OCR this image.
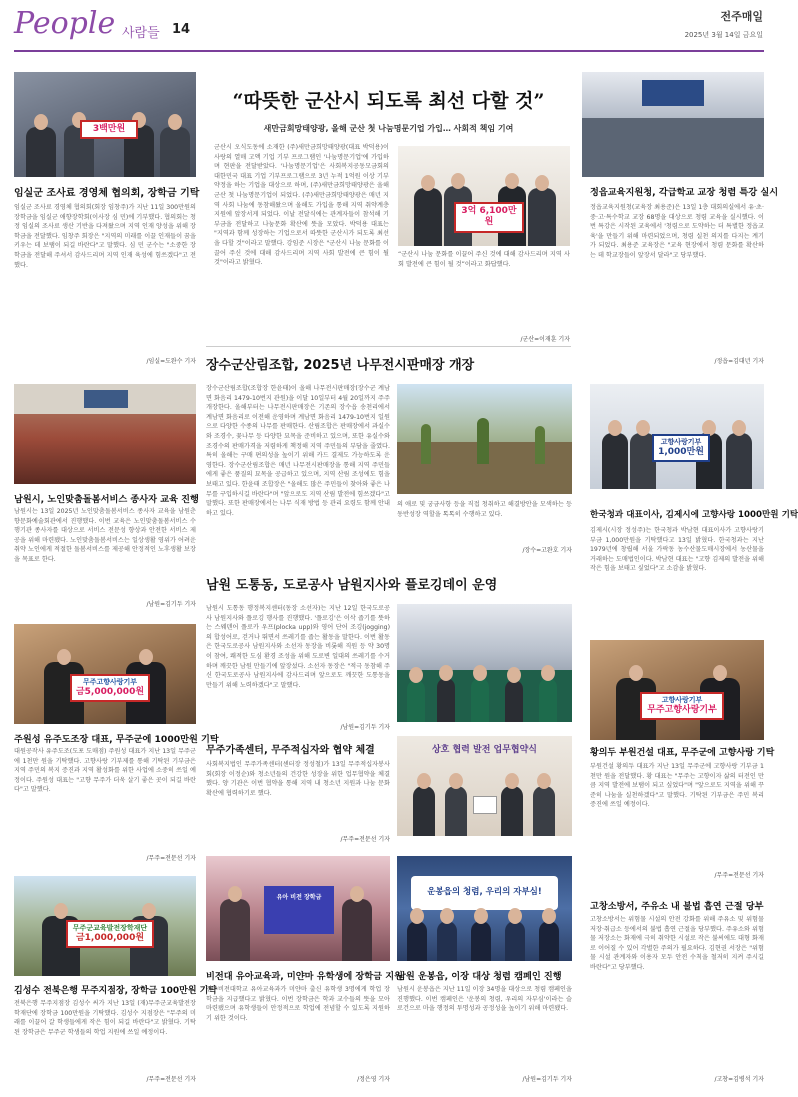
People 사람들 14
전주매일
2025년 3월 14일 금요일
3백만원
임실군 조사료 경영체 협의회, 장학금 기탁
임실군 조사료 경영체 협의회(회장 임창주)가 지난 11일 300만원의 장학금을 임실군 애향장학회(이사장 심 민)에 기부했다. 협의회는 청정 임실의 조사료 생산 기반을 다져왔으며 지역 인재 양성을 위해 장학금을 전달했다. 임창주 회장은 "지역의 미래를 이끌 인재들이 꿈을 키우는 데 보탬이 되길 바란다"고 말했다. 심 민 군수는 "소중한 장학금을 전달해 주셔서 감사드리며 지역 인재 육성에 힘쓰겠다"고 전했다.
/임실=도완수 기자
남원시, 노인맞춤돌봄서비스 종사자 교육 진행
남원시는 13일 2025년 노인맞춤돌봄서비스 종사자 교육을 남원춘향문화예술회관에서 진행했다. 이번 교육은 노인맞춤돌봄서비스 수행기관 종사자를 대상으로 서비스 전문성 향상과 안전한 서비스 제공을 위해 마련됐다. 노인맞춤돌봄서비스는 일상생활 영위가 어려운 취약 노인에게 적절한 돌봄서비스를 제공해 안정적인 노후생활 보장을 목표로 한다.
/남원=김기두 기자
무주고향사랑기부
금5,000,000원
주원성 유주도조장 대표, 무주군에 1000만원 기탁
대원공작사 유주도조(도포 도매점) 주원성 대표가 지난 13일 무주군에 1천만 원을 기탁했다. 고향사랑 기부제를 통해 기탁된 기부금은 지역 주민의 복지 증진과 지역 활성화를 위한 사업에 소중히 쓰일 예정이다. 주원성 대표는 "고향 무주가 더욱 살기 좋은 곳이 되길 바란다"고 말했다.
/무주=전문선 기자
무주군교육발전장학재단
금1,000,000원
김성수 전북은행 무주지점장, 장학금 100만원 기탁
전북은행 무주지점장 김성수 씨가 지난 13일 (재)무주군교육발전장학재단에 장학금 100만원을 기탁했다. 김성수 지점장은 "무주의 미래를 이끌어 갈 학생들에게 작은 힘이 되길 바란다"고 밝혔다. 기탁된 장학금은 무주군 학생들의 학업 지원에 쓰일 예정이다.
/무주=전문선 기자
“따뜻한 군산시 되도록 최선 다할 것”
새만금회망태양광, 올해 군산 첫 나눔명문기업 가입… 사회적 책임 기여
군산시 오식도동에 소재한 (주)새만금희망태양광(대표 박덕용)이 사랑의 열매 고액 기업 기부 프로그램인 '나눔명문기업'에 가입하며 현판을 전달받았다. '나눔명문기업'은 사회복지공동모금회의 대한민국 대표 기업 기부프로그램으로 3년 누적 1억원 이상 기부 약정을 하는 기업을 대상으로 하며, (주)새만금희망태양광은 올해 군산 첫 나눔명문기업이 되었다. (주)새만금희망태양광은 매년 지역 사회 나눔에 동참해왔으며 올해도 가입을 통해 지역 취약계층 지원에 앞장서게 되었다. 이날 전달식에는 관계자들이 참석해 기부금을 전달하고 나눔문화 확산에 뜻을 모았다. 박덕용 대표는 "지역과 함께 성장하는 기업으로서 따뜻한 군산시가 되도록 최선을 다할 것"이라고 말했다. 강임준 시장은 "군산시 나눔 문화를 이끌어 주신 것에 대해 감사드리며 지역 사회 발전에 큰 힘이 될 것"이라고 밝혔다.
3억 6,100만원
“군산시 나눔 문화를 이끌어 주신 것에 대해 감사드리며 지역 사회 발전에 큰 힘이 될 것”이라고 화답했다.
/군산=이재훈 기자
장수군산림조합, 2025년 나무전시판매장 개장
장수군산림조합(조합장 한윤태)이 올해 나무전시판매장(장수군 계남면 화음리 1479-10번지 관원)을 이달 10일부터 4월 20일까지 주주 개장한다. 올해부터는 나무전시판매장은 기존의 장수읍 송천리에서 계남면 화음리로 이전해 운영하며 계남면 화음리 1479-10번지 일원으로 다양한 수종의 나무를 판매한다. 산림조합은 판매장에서 과실수와 조경수, 꽃나무 등 다양한 묘목을 준비하고 있으며, 또한 유실수와 조경수의 판매가격을 저렴하게 책정해 지역 주민들의 부담을 줄였다. 특히 올해는 구매 편의성을 높이기 위해 카드 결제도 가능하도록 운영한다. 장수군산림조합은 매년 나무전시판매장을 통해 지역 주민들에게 좋은 품질의 묘목을 공급하고 있으며, 지역 산림 조성에도 힘을 보태고 있다. 한윤태 조합장은 "올해도 많은 주민들이 찾아와 좋은 나무를 구입하시길 바란다"며 "앞으로도 지역 산림 발전에 힘쓰겠다"고 말했다. 또한 판매장에서는 나무 식재 방법 등 관리 요령도 함께 안내하고 있다.
의 애로 및 궁금사항 등을 직접 청취하고 해결방안을 모색하는 등 동반성장 역할을 톡톡히 수행하고 있다.
/장수=고완호 기자
남원 도통동, 도로공사 남원지사와 플로깅데이 운영
남원시 도통동 행정복지센터(동장 소선자)는 지난 12일 한국도로공사 남원지사와 플로깅 행사를 진행했다. '플로깅'은 이삭 줍기를 뜻하는 스웨덴어 플로카 우프(plocka upp)와 영어 단어 조깅(jogging)의 합성어로, 걷거나 뛰면서 쓰레기를 줍는 활동을 말한다. 이번 활동은 한국도로공사 남원지사와 소선자 동장을 비롯해 직원 등 약 30명이 참여, 쾌적한 도심 환경 조성을 위해 도로변 일대의 쓰레기를 수거하며 깨끗한 남원 만들기에 앞장섰다. 소선자 동장은 "적극 동참해 주신 한국도로공사 남원지사에 감사드리며 앞으로도 깨끗한 도통동을 만들기 위해 노력하겠다"고 말했다.
/남원=김기두 기자
무주가족센터, 무주적십자와 협약 체결
사회복지법인 무주가족센터(센터장 정성철)가 13일 무주적십자봉사회(회장 이정순)와 청소년들의 건강한 성장을 위한 업무협약을 체결했다. 양 기관은 이번 협약을 통해 지역 내 청소년 지원과 나눔 문화 확산에 협력하기로 했다.
/무주=전문선 기자
상호 협력 발전 업무협약식
유아 비전 장학금
비전대 유아교육과, 미얀마 유학생에 장학금 지원
전주비전대학교 유아교육과가 미얀마 출신 유학생 3명에게 학업 장학금을 지급했다고 밝혔다. 이번 장학금은 학과 교수들의 뜻을 모아 마련됐으며 유학생들이 안정적으로 학업에 전념할 수 있도록 지원하기 위한 것이다.
/정은영 기자
운봉읍의 청렴, 우리의 자부심!
남원 운봉읍, 이장 대상 청렴 캠페인 진행
남원시 운봉읍은 지난 11일 이장 34명을 대상으로 청렴 캠페인을 진행했다. 이번 캠페인은 '운봉의 청렴, 우리의 자부심'이라는 슬로건으로 마을 행정의 투명성과 공정성을 높이기 위해 마련됐다.
/남원=김기두 기자
정읍교육지원청, 각급학교 교장 청렴 특강 실시
정읍교육지원청(교육장 최용준)은 13일 1층 대회의실에서 유·초·중·고·특수학교 교장 68명을 대상으로 청렴 교육을 실시했다. 이번 특강은 시작된 교육에서 '청렴으로 도약하는 더 특별한 정읍교육'을 만들기 위해 마련되었으며, 청렴 실천 의지를 다지는 계기가 되었다. 최용준 교육장은 "교육 현장에서 청렴 문화를 확산하는 데 학교장들이 앞장서 달라"고 당부했다.
/정읍=김대년 기자
고향사랑기부
1,000만원
한국청과 대표이사, 김제시에 고향사랑 1000만원 기탁
김제시(시장 정성주)는 한국청과 박남현 대표이사가 고향사랑기부금 1,000만원을 기탁했다고 13일 밝혔다. 한국청과는 지난 1979년에 창립해 서울 가락동 농수산물도매시장에서 농산물을 거래하는 도매법인이다. 박남현 대표는 "고향 김제의 발전을 위해 작은 힘을 보태고 싶었다"고 소감을 밝혔다.
고향사랑기부
무주고향사랑기부
황의두 부원건설 대표, 무주군에 고향사랑 기탁
부원건설 황의두 대표가 지난 13일 무주군에 고향사랑 기부금 1천만 원을 전달했다. 황 대표는 "무주는 고향이자 삶의 터전인 만큼 지역 발전에 보탬이 되고 싶었다"며 "앞으로도 지역을 위해 꾸준히 나눔을 실천하겠다"고 말했다. 기탁된 기부금은 주민 복리 증진에 쓰일 예정이다.
/무주=전문선 기자
고창소방서, 주유소 내 불법 흡연 근절 당부
고창소방서는 위험물 시설의 안전 강화를 위해 주유소 및 위험물 저장·취급소 등에서의 불법 흡연 근절을 당부했다. 주유소와 위험물 저장소는 화재에 극히 취약한 시설로 작은 불씨에도 대형 화재로 이어질 수 있어 각별한 주의가 필요하다. 김현권 서장은 "위험물 시설 관계자와 이용자 모두 안전 수칙을 철저히 지켜 주시길 바란다"고 당부했다.
/고창=김병석 기자
